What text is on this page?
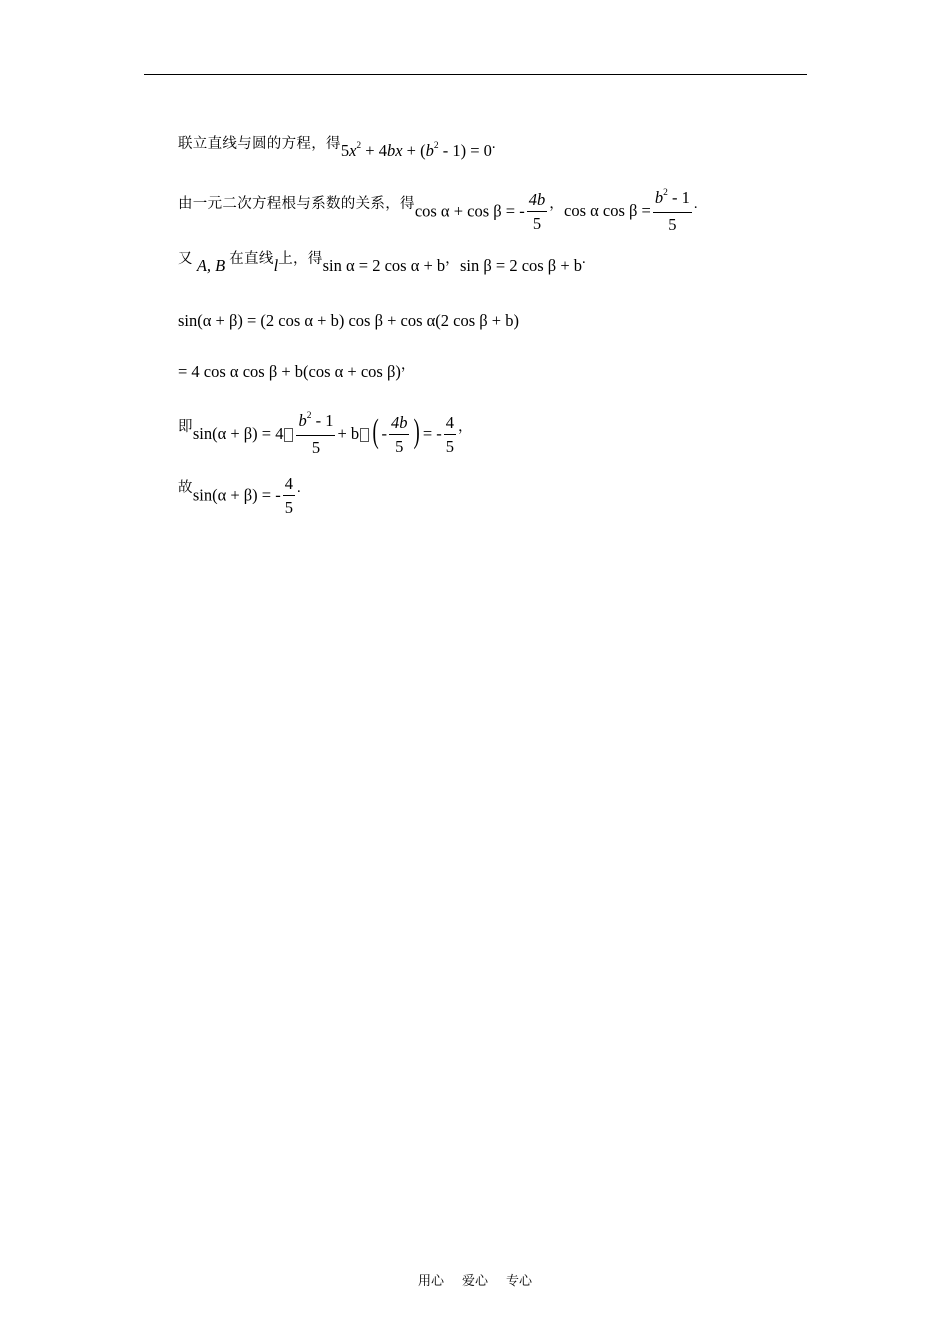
联立直线与圆的方程，得$5x^2 + 4bx + (b^2 - 1) = 0$.
由一元二次方程根与系数的关系，得cos α + cos β = - $\frac{4b}{5}$ ，cos α $\cos \beta = \frac{b^2 - 1}{5}$ .
又 A, B 在直线l上，得sin α = 2 cos α + b，sin β = 2 cos β + b.
sin(α + β) = (2 cos α + b) cos β + cos α(2 cos β + b)
= 4 cos α cos β + b(cos α + cos β)，
即$\sin(\alpha + \beta) = 4 \frac{b^2 - 1}{5} + b$ ( - $\frac{4b}{5}$ ) = - $\frac{4}{5}$ ，
故sin(α + β) = - $\frac{4}{5}$ .
用心 爱心 专心
